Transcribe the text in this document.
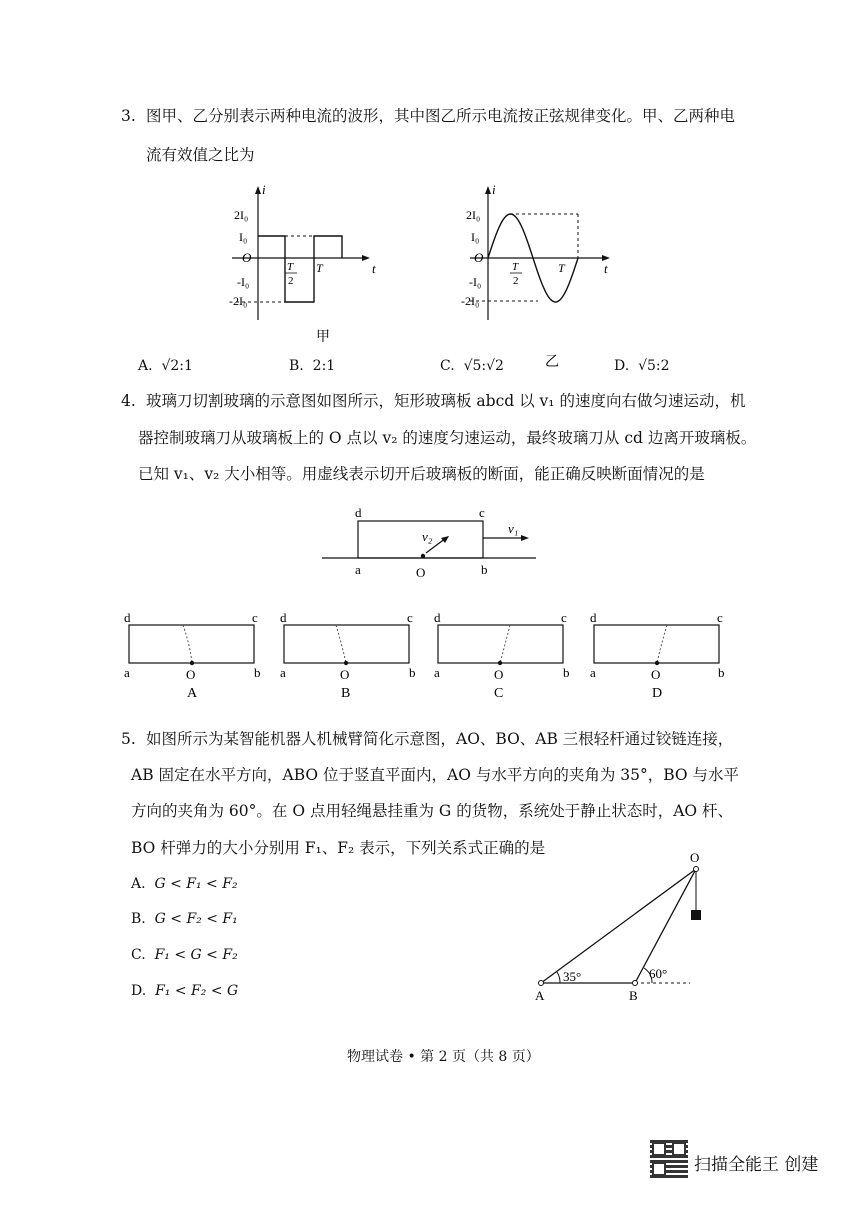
3. 图甲、乙分别表示两种电流的波形，其中图乙所示电流按正弦规律变化。甲、乙两种电
流有效值之比为
i
t
O
2I₀
I₀
-I₀
-2I₀
T
2
T
甲
i
t
O
2I₀
I₀
-I₀
-2I₀
T
2
T
乙
A. √2:1	B. 2:1	C. √5:√2	D. √5:2
4. 玻璃刀切割玻璃的示意图如图所示，矩形玻璃板 abcd 以 v₁ 的速度向右做匀速运动，机
器控制玻璃刀从玻璃板上的 O 点以 v₂ 的速度匀速运动，最终玻璃刀从 cd 边离开玻璃板。
已知 v₁、v₂ 大小相等。用虚线表示切开后玻璃板的断面，能正确反映断面情况的是
d	c
a	b
O
v₂
v₁
d	c
a	b
O
A
d	c
a	b
O
B
d	c
a	b
O
C
d	c
a	b
O
D
5. 如图所示为某智能机器人机械臂简化示意图，AO、BO、AB 三根轻杆通过铰链连接，
AB 固定在水平方向，ABO 位于竖直平面内，AO 与水平方向的夹角为 35°，BO 与水平
方向的夹角为 60°。在 O 点用轻绳悬挂重为 G 的货物，系统处于静止状态时，AO 杆、
BO 杆弹力的大小分别用 F₁、F₂ 表示，下列关系式正确的是
A. G < F₁ < F₂
B. G < F₂ < F₁
C. F₁ < G < F₂
D. F₁ < F₂ < G
O
A	B
35°	60°
物理试卷 • 第 2 页（共 8 页）
扫描全能王 创建
